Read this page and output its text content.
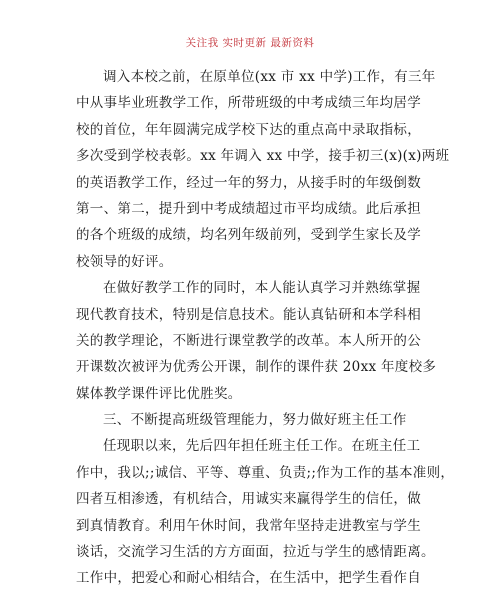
关注我 实时更新 最新资料
调入本校之前，在原单位(xx 市 xx 中学)工作，有三年
中从事毕业班教学工作，所带班级的中考成绩三年均居学
校的首位，年年圆满完成学校下达的重点高中录取指标，
多次受到学校表彰。xx 年调入 xx 中学，接手初三(x)(x)两班
的英语教学工作，经过一年的努力，从接手时的年级倒数
第一、第二，提升到中考成绩超过市平均成绩。此后承担
的各个班级的成绩，均名列年级前列，受到学生家长及学
校领导的好评。
在做好教学工作的同时，本人能认真学习并熟练掌握
现代教育技术，特别是信息技术。能认真钻研和本学科相
关的教学理论，不断进行课堂教学的改革。本人所开的公
开课数次被评为优秀公开课，制作的课件获 20xx 年度校多
媒体教学课件评比优胜奖。
三、不断提高班级管理能力，努力做好班主任工作
任现职以来，先后四年担任班主任工作。在班主任工
作中，我以;;诚信、平等、尊重、负责;;作为工作的基本准则，
四者互相渗透，有机结合，用诚实来赢得学生的信任，做
到真情教育。利用午休时间，我常年坚持走进教室与学生
谈话，交流学习生活的方方面面，拉近与学生的感情距离。
工作中，把爱心和耐心相结合，在生活中，把学生看作自
